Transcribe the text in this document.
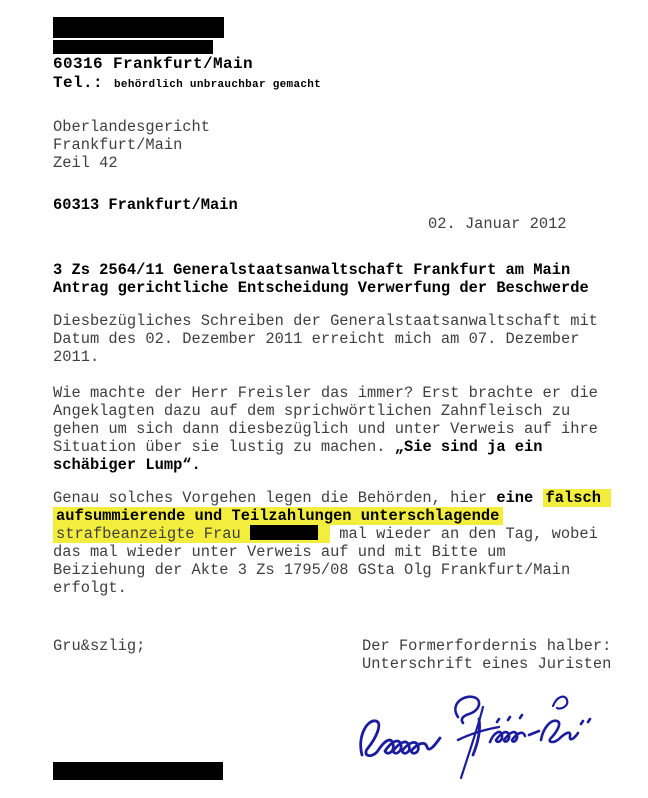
60316 Frankfurt/Main
Tel.: behördlich unbrauchbar gemacht
Oberlandesgericht
Frankfurt/Main
Zeil 42
60313 Frankfurt/Main
02. Januar 2012
3 Zs 2564/11 Generalstaatsanwaltschaft Frankfurt am Main
Antrag gerichtliche Entscheidung Verwerfung der Beschwerde
Diesbezügliches Schreiben der Generalstaatsanwaltschaft mit
Datum des 02. Dezember 2011 erreicht mich am 07. Dezember
2011.
Wie machte der Herr Freisler das immer? Erst brachte er die
Angeklagten dazu auf dem sprichwörtlichen Zahnfleisch zu
gehen um sich dann diesbezüglich und unter Verweis auf ihre
Situation über sie lustig zu machen. „Sie sind ja ein
schäbiger Lump“.
Genau solches Vorgehen legen die Behörden, hier eine falsch
aufsummierende und Teilzahlungen unterschlagende
strafbeanzeigte Frau	mal wieder an den Tag, wobei
das mal wieder unter Verweis auf und mit Bitte um
Beiziehung der Akte 3 Zs 1795/08 GSta Olg Frankfurt/Main
erfolgt.
Gru&szlig;	Der Formerfordernis halber:
Unterschrift eines Juristen
